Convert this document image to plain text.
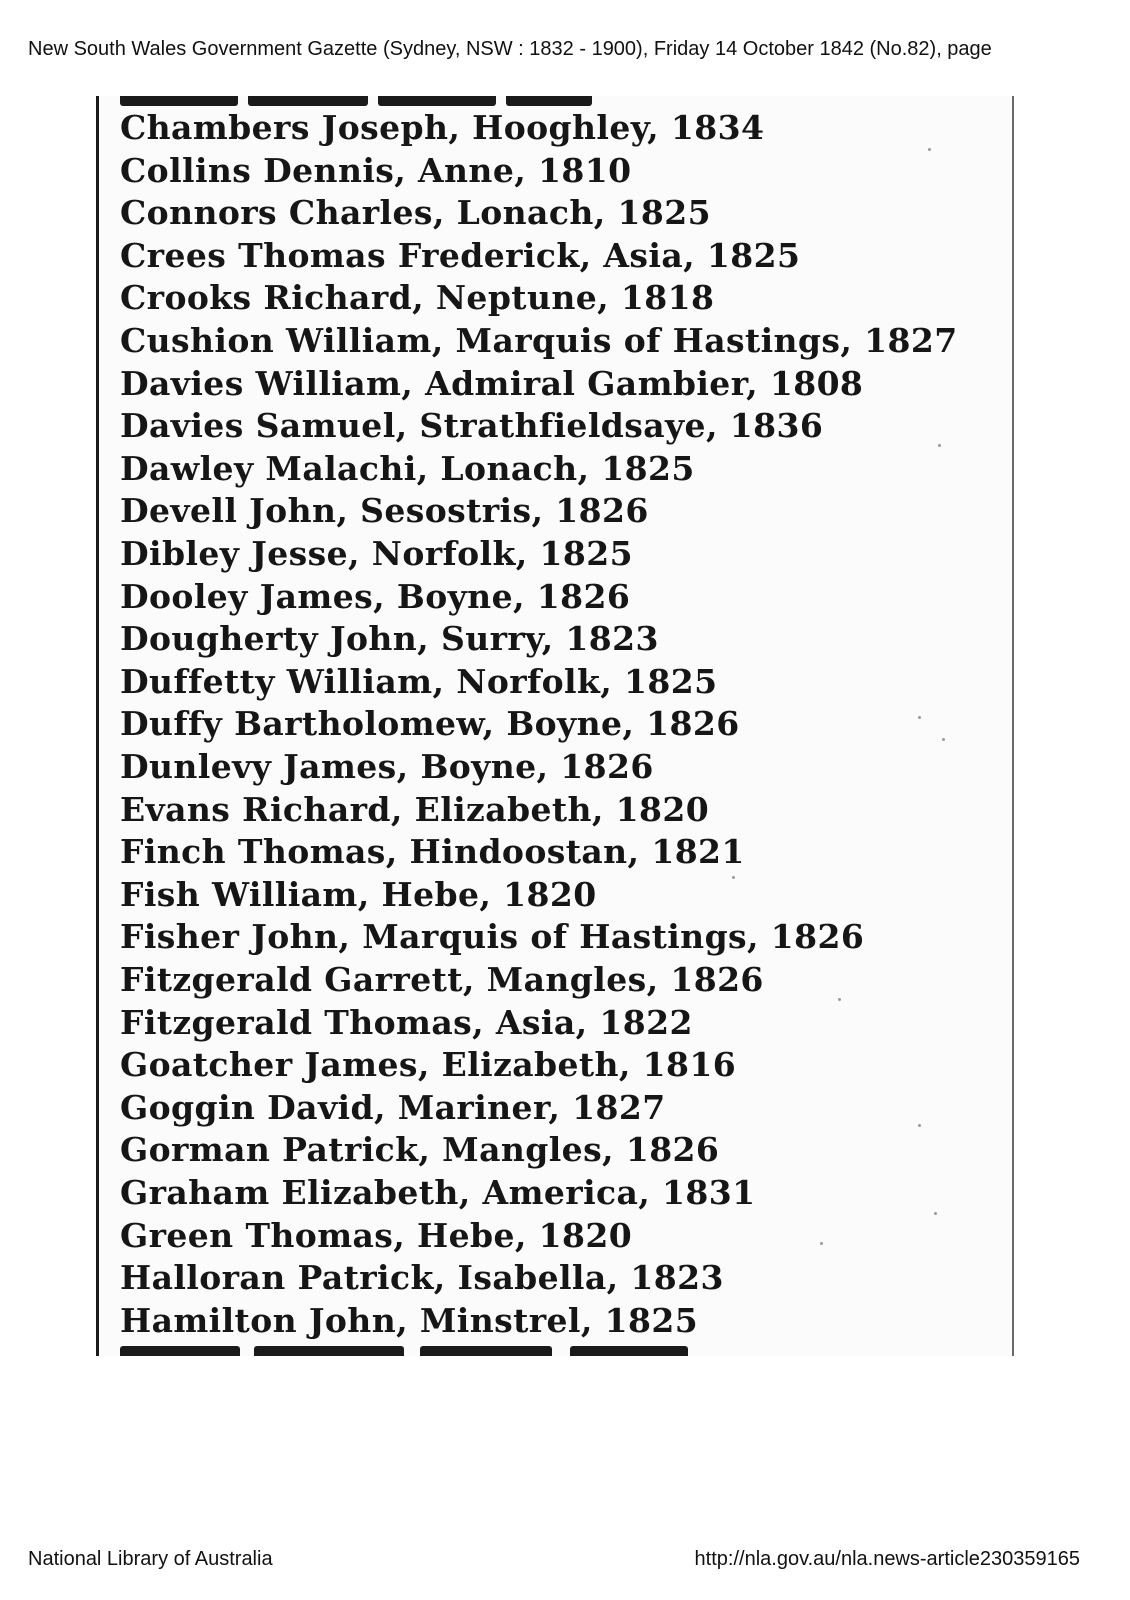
New South Wales Government Gazette (Sydney, NSW : 1832 - 1900), Friday 14 October 1842 (No.82), page
Chambers Joseph, Hooghley, 1834
Collins Dennis, Anne, 1810
Connors Charles, Lonach, 1825
Crees Thomas Frederick, Asia, 1825
Crooks Richard, Neptune, 1818
Cushion William, Marquis of Hastings, 1827
Davies William, Admiral Gambier, 1808
Davies Samuel, Strathfieldsaye, 1836
Dawley Malachi, Lonach, 1825
Devell John, Sesostris, 1826
Dibley Jesse, Norfolk, 1825
Dooley James, Boyne, 1826
Dougherty John, Surry, 1823
Duffetty William, Norfolk, 1825
Duffy Bartholomew, Boyne, 1826
Dunlevy James, Boyne, 1826
Evans Richard, Elizabeth, 1820
Finch Thomas, Hindoostan, 1821
Fish William, Hebe, 1820
Fisher John, Marquis of Hastings, 1826
Fitzgerald Garrett, Mangles, 1826
Fitzgerald Thomas, Asia, 1822
Goatcher James, Elizabeth, 1816
Goggin David, Mariner, 1827
Gorman Patrick, Mangles, 1826
Graham Elizabeth, America, 1831
Green Thomas, Hebe, 1820
Halloran Patrick, Isabella, 1823
Hamilton John, Minstrel, 1825
National Library of Australia	http://nla.gov.au/nla.news-article230359165
